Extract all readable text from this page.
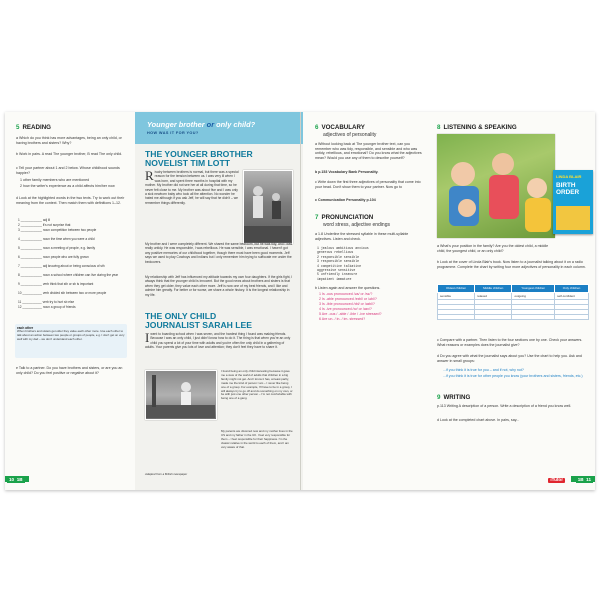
5 READING
a Which do you think has more advantages, being an only child, or having brothers and sisters? Why?
b Work in pairs. A read The younger brother, B read The only child.
c Tell your partner about 1 and 2 below. Whose childhood sounds happier?
1 other family members who are mentioned
2 how the writer's experience as a child affects him/her now
d Look at the highlighted words in the two texts. Try to work out their meaning from the context. Then match them with definitions 1–12.
1 ____________ adj ill
2 ____________ it's not surprise that
3 ____________ noun competition between two people
4 ____________ noun the time when you were a child
5 ____________ noun a meeting of people, e.g. family
6 ____________ noun people who are fully grown
7 ____________ adj knowing about or being conscious of sth
8 ____________ noun a school where children can live during the year
9 ____________ verb think that sth or sb is important
10 ___________ verb divided sth between two or more people
11 ___________ verb try to hurt sb else
12 ___________ noun a group of friends
each other
When brothers and sisters get older they value each other more. Use each other to talk about an action between two people or groups of people, e.g. I don't get on very well with my dad – we don't understand each other.
e Talk to a partner. Do you have brothers and sisters, or are you an only child? Do you feel positive or negative about it?
10 1B
Younger brother or only child?
HOW WAS IT FOR YOU?
THE YOUNGER BROTHER
NOVELIST TIM LOTT
Rivalry between brothers is normal, but there was a special reason for the tension between us. I was very ill when I was born, and spent three months in hospital with my mother. My brother did not see her at all during that time, so he never felt close to me. My brother was about five and I was only a sick newborn baby who took all the attention. No wonder he hated me although if you ask Jeff, he will say that he didn't – we remember things differently.
My brother and I were completely different. We shared the same bedroom, but he was tidy, and I was really untidy. He was responsible, I was rebellious. He was sensible, I was emotional. I haven't got any positive memories of our childhood together, though there must have been good moments. Jeff says we used to play Cowboys and Indians but I only remember him trying to suffocate me under the bedcovers.
My relationship with Jeff has influenced my attitude towards my own four daughters. If the girls fight, I always think that the younger child is innocent. But the good news about brothers and sisters is that when they get older, they value each other more. Jeff is now one of my best friends, and I like and admire him greatly. For better or for worse, we share a whole history. It is the longest relationship in my life.
THE ONLY CHILD
JOURNALIST SARAH LEE
Iwent to boarding school when I was seven, and the hardest thing I found was making friends. Because I was an only child, I just didn't know how to do it. The thing is that when you're an only child you spend a lot of your time with adults and you're often the only child in a gathering of adults. Your parents give you lots of love and attention; they don't feel they have to share it.
I found being an only child interesting because it gave me a view of the world of adults that children in a big family might not get. And I know it has, at least partly, made me the kind of person I am – I never like being one of a group. For example, I'll have to be in a group, I will always try to go off and do something on my own, or be with just one other person – I'm not comfortable with being one of a gang.
My parents are divorced now and my mother lives in the US and my father in the UK. I feel very responsible for them – I feel responsible for their happiness. I'm the classic relative in the world to each of them, and I am very aware of that.
Adapted from a British newspaper
6 VOCABULARY
adjectives of personality
a Without looking back at The younger brother text, can you remember who was tidy, responsible, and sensible and who was untidy, rebellious, and emotional? Do you know what the adjectives mean? Would you use any of them to describe yourself?
b p.153 Vocabulary Bank Personality.
c Write down the first three adjectives of personality that come into your head. Don't show them to your partner. Now go to
c Communication Personality p.104
7 PRONUNCIATION
word stress, adjective endings
a 1.8 Underline the stressed syllable in these multi-syllable adjectives. Listen and check.
1 jealous ambitious anxious
generous rebellious
2 responsible sensible
3 responsible sensible
4 competitive talkative
aggressive sensitive
5 unfriendly insecure
impatient immature
b Listen again and answer the questions.
1 Is -ous pronounced /əs/ or /ʌs/?
2 Is -able pronounced /eɪbl/ or /əbl/?
3 Is -ible pronounced /ɪbl/ or /aɪbl/?
4 Is -ive pronounced /ɪv/ or /aɪv/?
5 Are -ous / -able / -ible / -ive stressed?
6 Are un- / in- / im- stressed?
8 LISTENING & SPEAKING
LINDA BLAIR
BIRTH ORDER
a What's your position in the family? Are you the oldest child, a middle child, the youngest child, or an only child?
b Look at the cover of Linda Blair's book. Now listen to a journalist talking about it on a radio programme. Complete the chart by writing four more adjectives of personality in each column.
Oldest children	Middle children	Youngest children	Only children
sensible	relaxed	outgoing	self-confident

c Compare with a partner. Then listen to the four sections one by one. Check your answers. What reasons or examples does the journalist give?
d Do you agree with what the journalist says about you? Use the chart to help you. Ask and answer in small groups:
...if you think it is true for you – and if not, why not?
...if you think it is true for other people you know (your brothers and sisters, friends, etc.)
9 WRITING
p.113 Writing A description of a person. Write a description of a friend you know well.
d Look at the completed chart above. In pairs, say...
iTutor	1B 11
